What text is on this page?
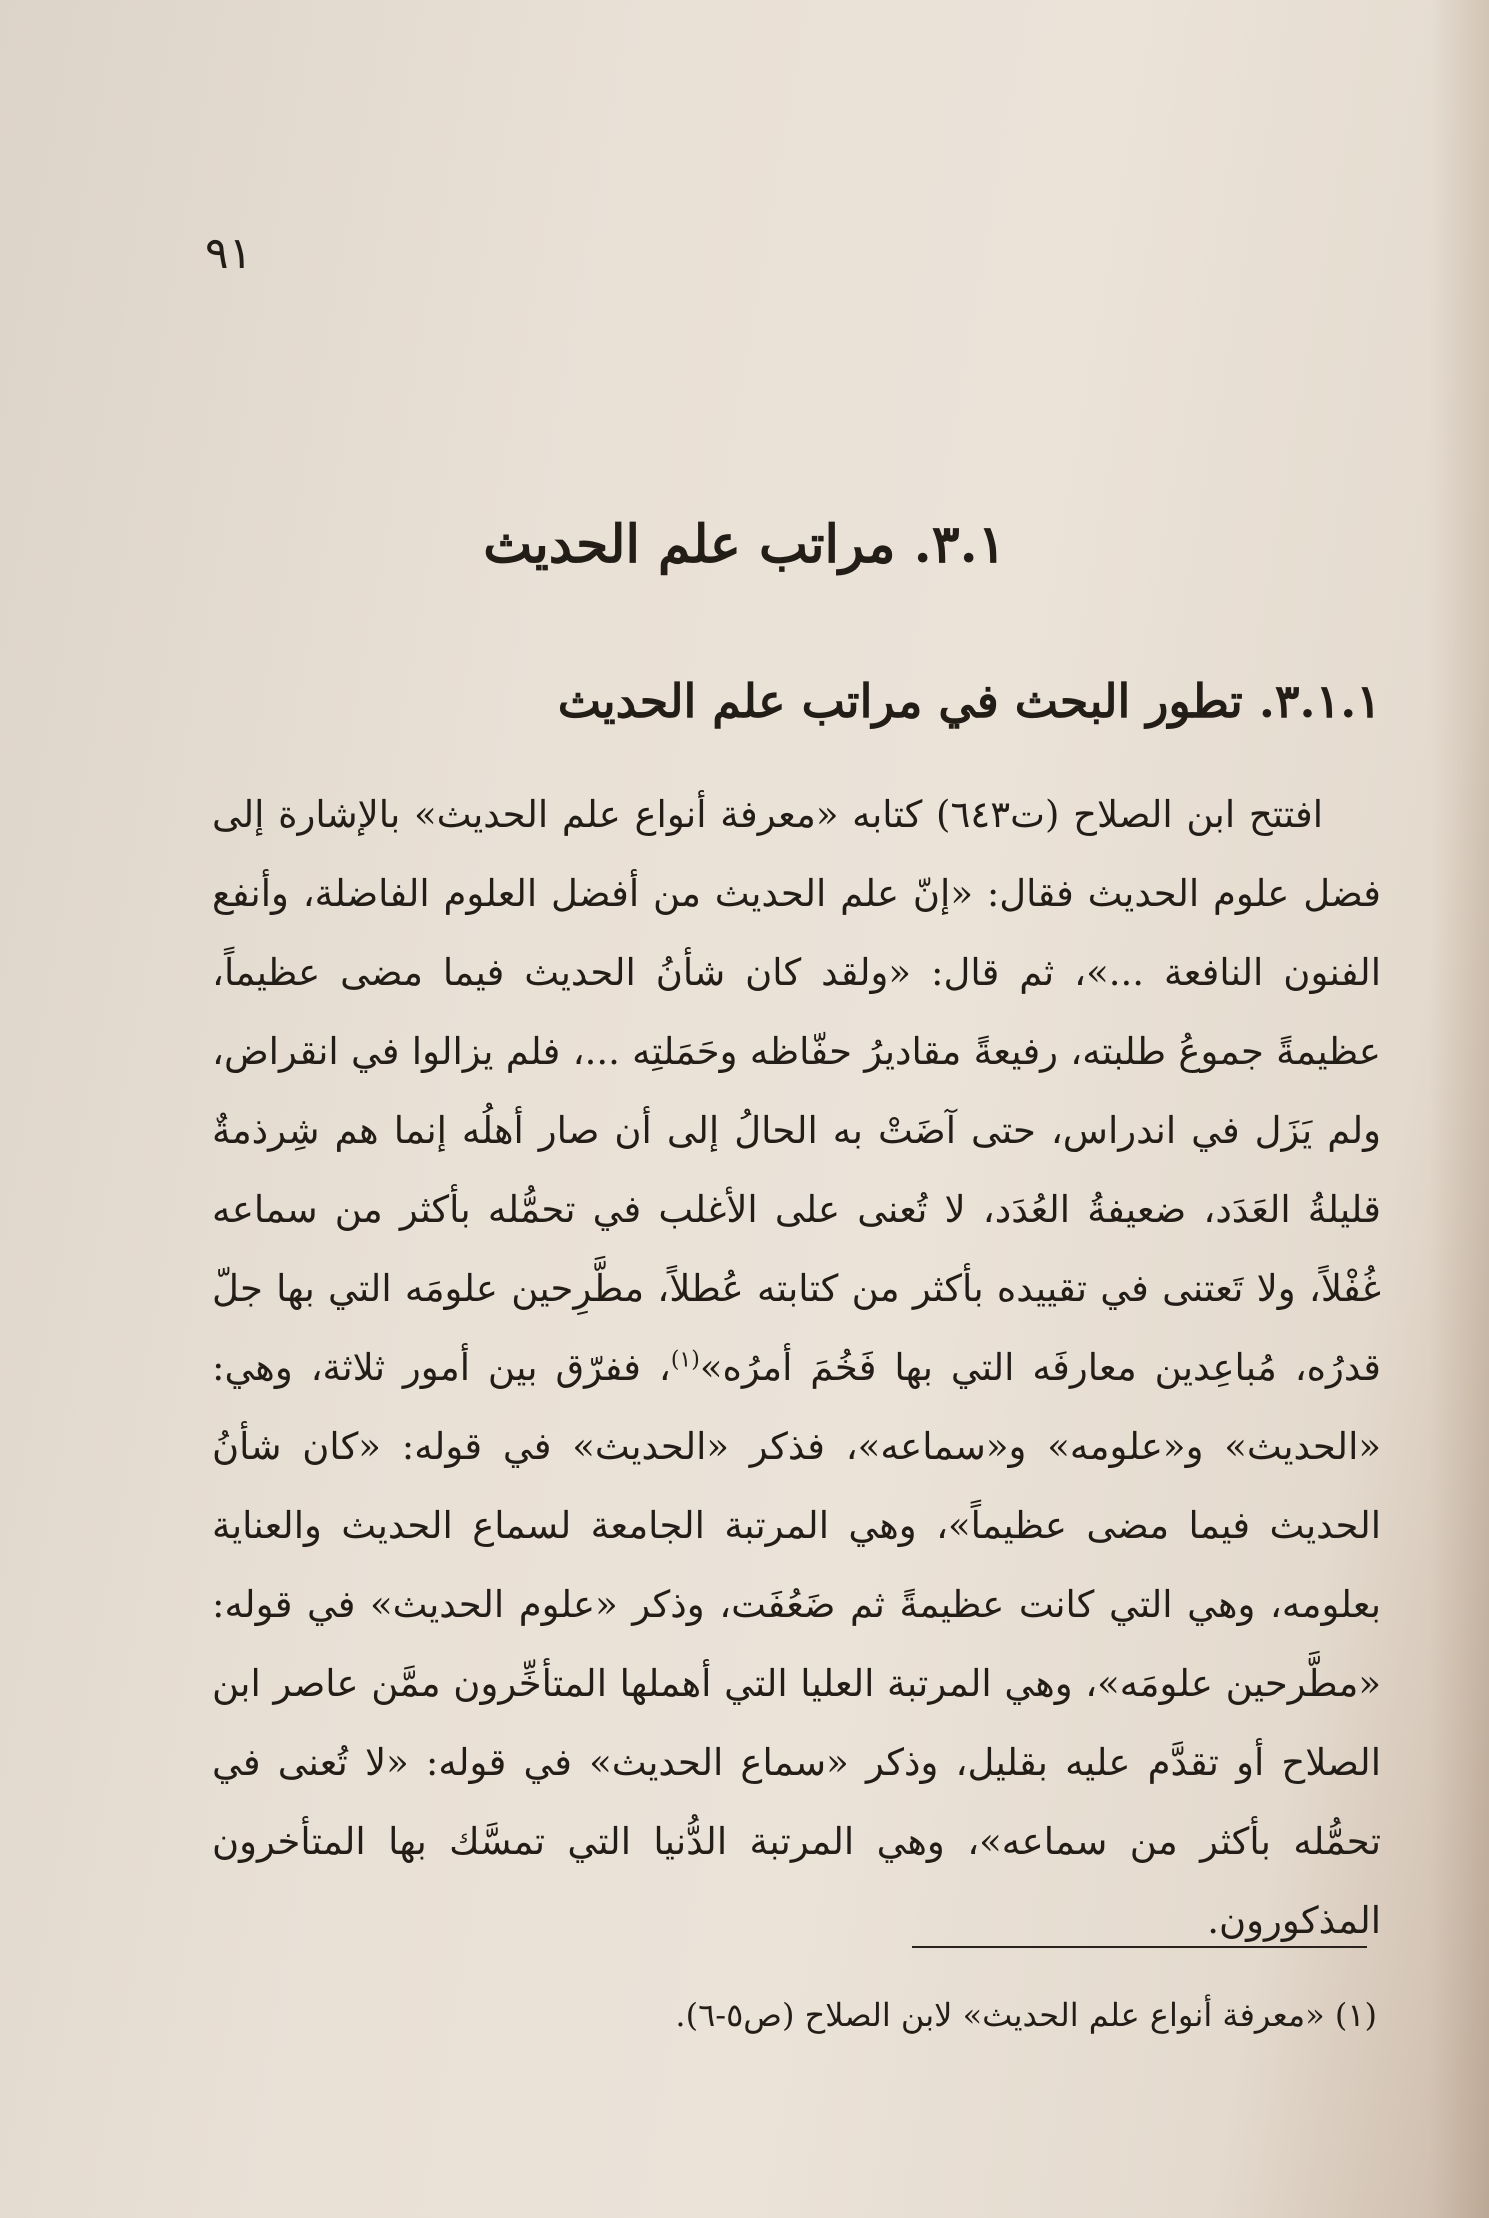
٩١
٣.١. مراتب علم الحديث
٣.١.١. تطور البحث في مراتب علم الحديث

افتتح ابن الصلاح (ت٦٤٣) كتابه «معرفة أنواع علم الحديث» بالإشارة إلى فضل علوم الحديث فقال: «إنّ علم الحديث من أفضل العلوم الفاضلة، وأنفع الفنون النافعة ...»، ثم قال: «ولقد كان شأنُ الحديث فيما مضى عظيماً، عظيمةً جموعُ طلبته، رفيعةً مقاديرُ حفّاظه وحَمَلتِه ...، فلم يزالوا في انقراض، ولم يَزَل في اندراس، حتى آضَتْ به الحالُ إلى أن صار أهلُه إنما هم شِرذمةٌ قليلةُ العَدَد، ضعيفةُ العُدَد، لا تُعنى على الأغلب في تحمُّله بأكثر من سماعه غُفْلاً، ولا تَعتنى في تقييده بأكثر من كتابته عُطلاً، مطَّرِحين علومَه التي بها جلّ قدرُه، مُباعِدين معارفَه التي بها فَخُمَ أمرُه»$^{(١)}$، ففرّق بين أمور ثلاثة، وهي: «الحديث» و«علومه» و«سماعه»، فذكر «الحديث» في قوله: «كان شأنُ الحديث فيما مضى عظيماً»، وهي المرتبة الجامعة لسماع الحديث والعناية بعلومه، وهي التي كانت عظيمةً ثم ضَعُفَت، وذكر «علوم الحديث» في قوله: «مطَّرحين علومَه»، وهي المرتبة العليا التي أهملها المتأخِّرون ممَّن عاصر ابن الصلاح أو تقدَّم عليه بقليل، وذكر «سماع الحديث» في قوله: «لا تُعنى في تحمُّله بأكثر من سماعه»، وهي المرتبة الدُّنيا التي تمسَّك بها المتأخرون المذكورون.

(١) «معرفة أنواع علم الحديث» لابن الصلاح (ص٥-٦).
